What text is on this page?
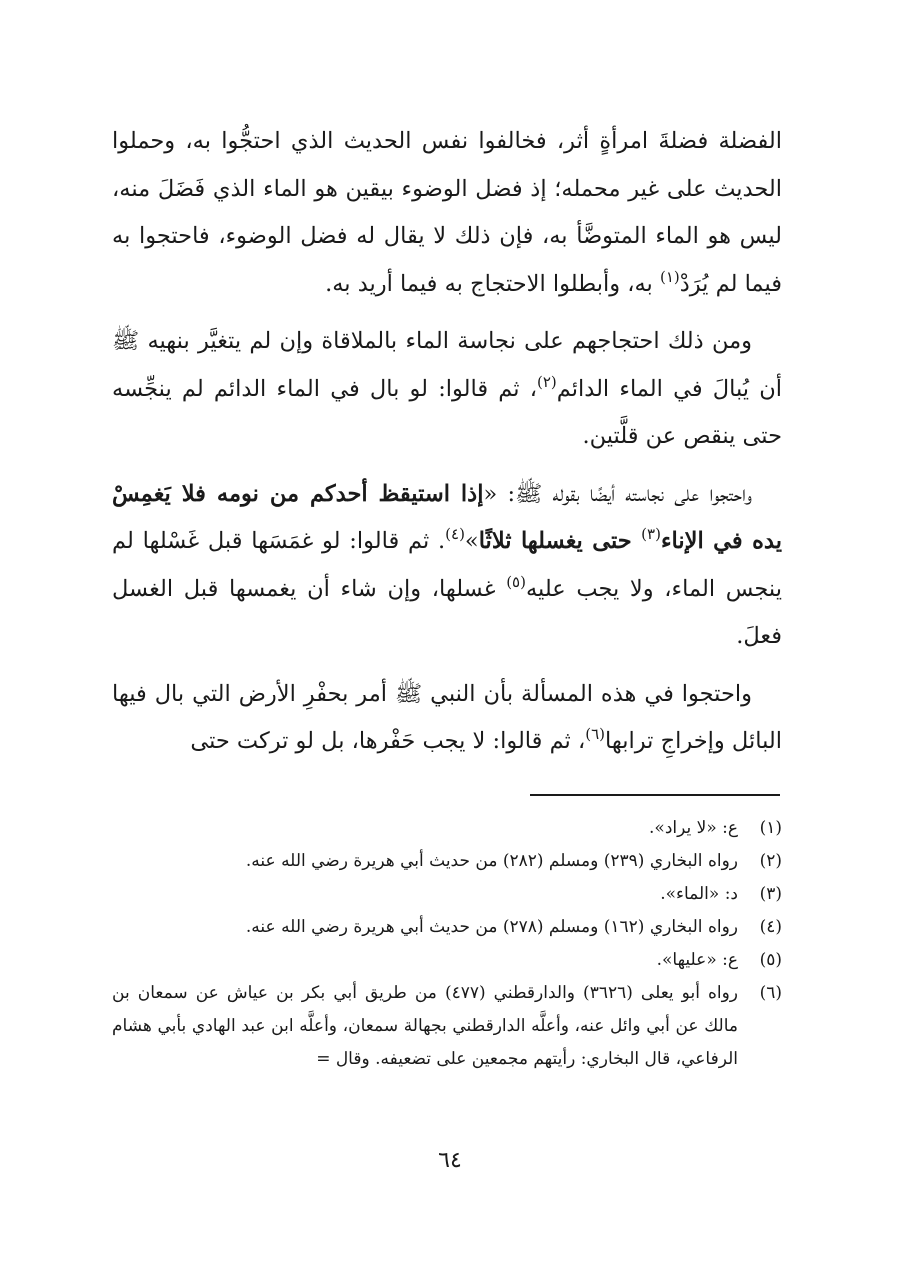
الفضلة فضلةَ امرأةٍ أثر، فخالفوا نفس الحديث الذي احتجُّوا به، وحملوا الحديث على غير محمله؛ إذ فضل الوضوء بيقين هو الماء الذي فَضَلَ منه، ليس هو الماء المتوضَّأ به، فإن ذلك لا يقال له فضل الوضوء، فاحتجوا به فيما لم يُرَدْ$^{(١)}$ به، وأبطلوا الاحتجاج به فيما أريد به.

ومن ذلك احتجاجهم على نجاسة الماء بالملاقاة وإن لم يتغيَّر بنهيه ﷺ أن يُبالَ في الماء الدائم$^{(٢)}$، ثم قالوا: لو بال في الماء الدائم لم ينجِّسه حتى ينقص عن قلَّتين.

واحتجوا على نجاسته أيضًا بقوله ﷺ: «إذا استيقظ أحدكم من نومه فلا يَغمِسْ يده في الإناء$^{(٣)}$ حتى يغسلها ثلاثًا»$^{(٤)}$. ثم قالوا: لو غمَسَها قبل غَسْلها لم ينجس الماء، ولا يجب عليه$^{(٥)}$ غسلها، وإن شاء أن يغمسها قبل الغسل فعلَ.

واحتجوا في هذه المسألة بأن النبي ﷺ أمر بحفْرِ الأرض التي بال فيها البائل وإخراجِ ترابها$^{(٦)}$، ثم قالوا: لا يجب حَفْرها، بل لو تركت حتى

(١)
ع: «لا يراد».
(٢)
رواه البخاري (٢٣٩) ومسلم (٢٨٢) من حديث أبي هريرة رضي الله عنه.
(٣)
د: «الماء».
(٤)
رواه البخاري (١٦٢) ومسلم (٢٧٨) من حديث أبي هريرة رضي الله عنه.
(٥)
ع: «عليها».
(٦)
رواه أبو يعلى (٣٦٢٦) والدارقطني (٤٧٧) من طريق أبي بكر بن عياش عن سمعان بن مالك عن أبي وائل عنه، وأعلَّه الدارقطني بجهالة سمعان، وأعلَّه ابن عبد الهادي بأبي هشام الرفاعي، قال البخاري: رأيتهم مجمعين على تضعيفه. وقال =
٦٤
